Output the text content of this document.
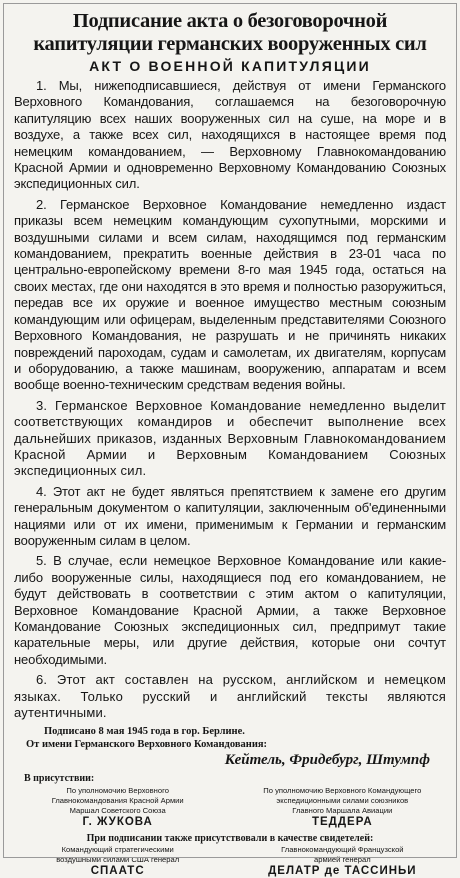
Подписание акта о безоговорочной
капитуляции германских вооруженных сил
АКТ О ВОЕННОЙ КАПИТУЛЯЦИИ

1. Мы, нижеподписавшиеся, действуя от имени Германского Верховного Командования, соглашаемся на безоговорочную капитуляцию всех наших вооруженных сил на суше, на море и в воздухе, а также всех сил, находящихся в настоящее время под немецким командованием, — Верховному Главнокомандованию Красной Армии и одновременно Верховному Командованию Союзных экспедиционных сил.

2. Германское Верховное Командование немедленно издаст приказы всем немецким командующим сухопутными, морскими и воздушными силами и всем силам, находящимся под германским командованием, прекратить военные действия в 23-01 часа по центрально-европейскому времени 8-го мая 1945 года, остаться на своих местах, где они находятся в это время и полностью разоружиться, передав все их оружие и военное имущество местным союзным командующим или офицерам, выделенным представителями Союзного Верховного Командования, не разрушать и не причинять никаких повреждений пароходам, судам и самолетам, их двигателям, корпусам и оборудованию, а также машинам, вооружению, аппаратам и всем вообще военно-техническим средствам ведения войны.

3. Германское Верховное Командование немедленно выделит соответствующих командиров и обеспечит выполнение всех дальнейших приказов, изданных Верховным Главнокомандованием Красной Армии и Верховным Командованием Союзных экспедиционных сил.

4. Этот акт не будет являться препятствием к замене его другим генеральным документом о капитуляции, заключенным об'единенными нациями или от их имени, применимым к Германии и германским вооруженным силам в целом.

5. В случае, если немецкое Верховное Командование или какие-либо вооруженные силы, находящиеся под его командованием, не будут действовать в соответствии с этим актом о капитуляции, Верховное Командование Красной Армии, а также Верховное Командование Союзных экспедиционных сил, предпримут такие карательные меры, или другие действия, которые они сочтут необходимыми.

6. Этот акт составлен на русском, английском и немецком языках. Только русский и английский тексты являются аутентичными.

Подписано 8 мая 1945 года в гор. Берлине.

От имени Германского Верховного Командования:

Кейтель, Фридебург, Штумпф
В присутствии:
По уполномочию Верховного
Главнокомандования Красной Армии
Маршал Советского Союза
Г. ЖУКОВА
По уполномочию Верховного Командующего
экспедиционными силами союзников
Главного Маршала Авиации
ТЕДДЕРА
При подписании также присутствовали в качестве свидетелей:
Командующий стратегическими
воздушными силами США генерал
СПААТС
Главнокомандующий Французской
армией генерал
ДЕЛАТР де ТАССИНЬИ
